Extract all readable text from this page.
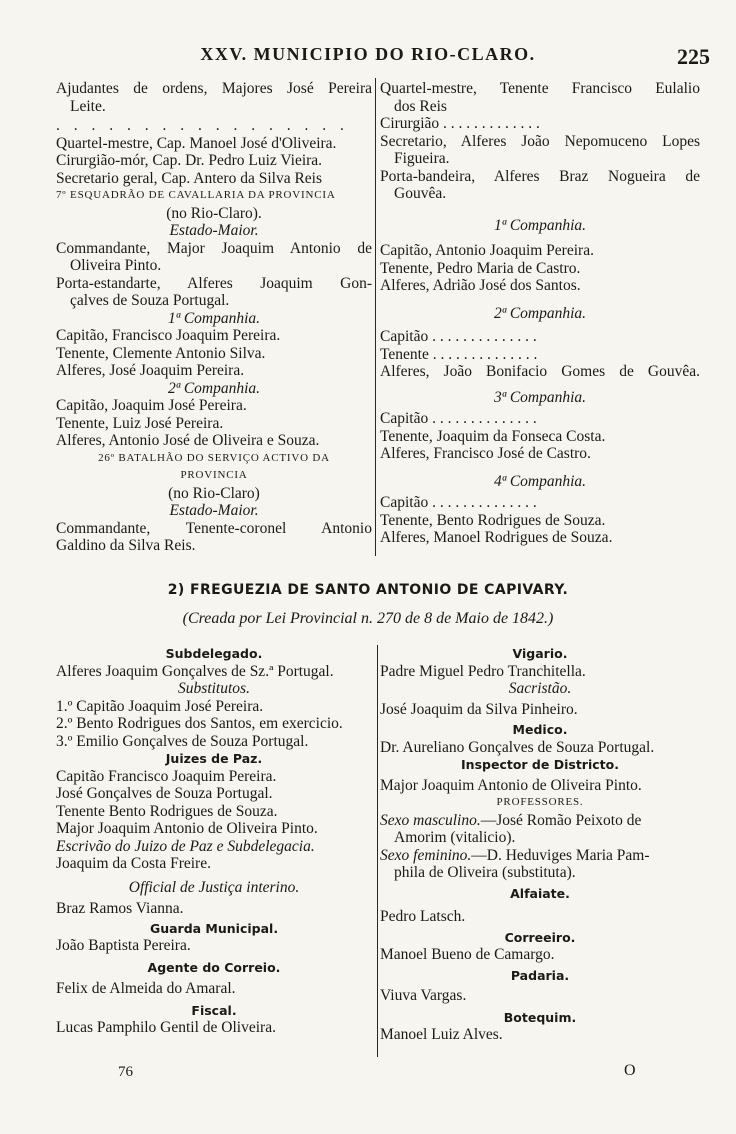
XXV. MUNICIPIO DO RIO-CLARO.	225
Ajudantes de ordens, Majores José Pereira
Leite.
. . . . . . . . . . . . . . . . .
Quartel-mestre, Cap. Manoel José d'Oliveira.
Cirurgião-mór, Cap. Dr. Pedro Luiz Vieira.
Secretario geral, Cap. Antero da Silva Reis
7º ESQUADRÃO DE CAVALLARIA DA PROVINCIA
(no Rio-Claro).
Estado-Maior.
Commandante, Major Joaquim Antonio de
Oliveira Pinto.
Porta-estandarte, Alferes Joaquim Gon-
çalves de Souza Portugal.
1ª Companhia.
Capitão, Francisco Joaquim Pereira.
Tenente, Clemente Antonio Silva.
Alferes, José Joaquim Pereira.
2ª Companhia.
Capitão, Joaquim José Pereira.
Tenente, Luiz José Pereira.
Alferes, Antonio José de Oliveira e Souza.
26º BATALHÃO DO SERVIÇO ACTIVO DA
PROVINCIA
(no Rio-Claro)
Estado-Maior.
Commandante, Tenente-coronel Antonio
Galdino da Silva Reis.
Quartel-mestre, Tenente Francisco Eulalio
dos Reis
Cirurgião . . . . . . . . . . . . .
Secretario, Alferes João Nepomuceno Lopes
Figueira.
Porta-bandeira, Alferes Braz Nogueira de
Gouvêa.
1ª Companhia.
Capitão, Antonio Joaquim Pereira.
Tenente, Pedro Maria de Castro.
Alferes, Adrião José dos Santos.
2ª Companhia.
Capitão . . . . . . . . . . . . . .
Tenente . . . . . . . . . . . . . .
Alferes, João Bonifacio Gomes de Gouvêa.
3ª Companhia.
Capitão . . . . . . . . . . . . . .
Tenente, Joaquim da Fonseca Costa.
Alferes, Francisco José de Castro.
4ª Companhia.
Capitão . . . . . . . . . . . . . .
Tenente, Bento Rodrigues de Souza.
Alferes, Manoel Rodrigues de Souza.
2) FREGUEZIA DE SANTO ANTONIO DE CAPIVARY.
(Creada por Lei Provincial n. 270 de 8 de Maio de 1842.)
Subdelegado.
Alferes Joaquim Gonçalves de Sz.ª Portugal.
Substitutos.
1.º Capitão Joaquim José Pereira.
2.º Bento Rodrigues dos Santos, em exercicio.
3.º Emilio Gonçalves de Souza Portugal.
Juizes de Paz.
Capitão Francisco Joaquim Pereira.
José Gonçalves de Souza Portugal.
Tenente Bento Rodrigues de Souza.
Major Joaquim Antonio de Oliveira Pinto.
Escrivão do Juizo de Paz e Subdelegacia.
Joaquim da Costa Freire.
Official de Justiça interino.
Braz Ramos Vianna.
Guarda Municipal.
João Baptista Pereira.
Agente do Correio.
Felix de Almeida do Amaral.
Fiscal.
Lucas Pamphilo Gentil de Oliveira.
Vigario.
Padre Miguel Pedro Tranchitella.
Sacristão.
José Joaquim da Silva Pinheiro.
Medico.
Dr. Aureliano Gonçalves de Souza Portugal.
Inspector de Districto.
Major Joaquim Antonio de Oliveira Pinto.
PROFESSORES.
Sexo masculino.—José Romão Peixoto de
Amorim (vitalicio).
Sexo feminino.—D. Heduviges Maria Pam-
phila de Oliveira (substituta).
Alfaiate.
Pedro Latsch.
Correeiro.
Manoel Bueno de Camargo.
Padaria.
Viuva Vargas.
Botequim.
Manoel Luiz Alves.
76	O
